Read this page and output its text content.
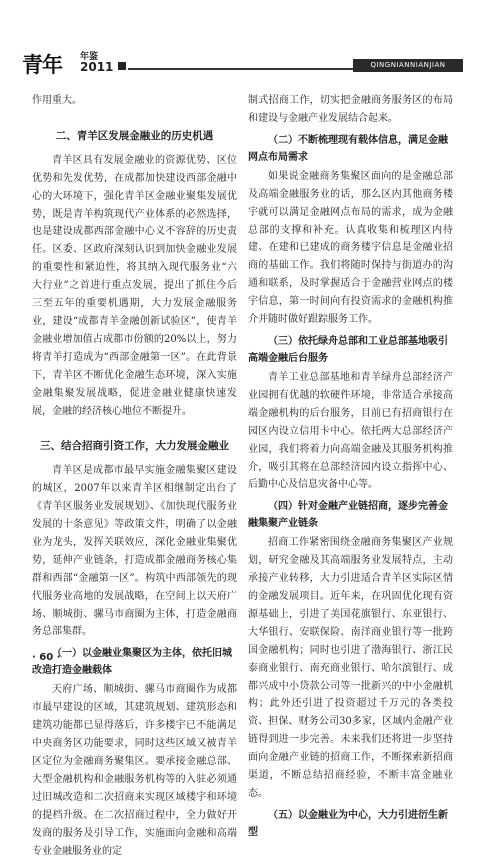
青年 年鉴
2011	QINGNIANNIANJIAN

作用重大。

二、青羊区发展金融业的历史机遇

青羊区具有发展金融业的资源优势、区位优势和先发优势，在成都加快建设西部金融中心的大环境下，强化青羊区金融业聚集发展优势，既是青羊构筑现代产业体系的必然选择，也是建设成都西部金融中心义不容辞的历史责任。区委、区政府深刻认识到加快金融业发展的重要性和紧迫性，将其纳入现代服务业“六大行业”之首进行重点发展，提出了抓住今后三至五年的重要机遇期，大力发展金融服务业，建设“成都青羊金融创新试验区”，使青羊金融业增加值占成都市份额的20%以上，努力将青羊打造成为“西部金融第一区”。在此背景下，青羊区不断优化金融生态环境，深入实施金融集聚发展战略，促进金融业健康快速发展，金融的经济核心地位不断提升。

三、结合招商引资工作，大力发展金融业

青羊区是成都市最早实施金融集聚区建设的城区，2007年以来青羊区相继制定出台了《青羊区服务业发展规划》、《加快现代服务业发展的十条意见》等政策文件，明确了以金融业为龙头，发挥关联效应，深化金融业集聚优势，延伸产业链条，打造成都金融商务核心集群和西部“金融第一区”。构筑中西部领先的现代服务业高地的发展战略，在空间上以天府广场、顺城街、骡马市商圈为主体，打造金融商务总部集群。

（一）以金融业集聚区为主体，依托旧城改造打造金融载体

天府广场、顺城街、骡马市商圈作为成都市最早建设的区域，其建筑规划、建筑形态和建筑功能都已显得落后，许多楼宇已不能满足中央商务区功能要求，同时这些区域又被青羊区定位为金融商务聚集区。要承接金融总部、大型金融机构和金融服务机构等的入驻必须通过旧城改造和二次招商来实现区域楼宇和环境的提档升级。在二次招商过程中，全力做好开发商的服务及引导工作，实施面向金融和高端专业金融服务业的定

制式招商工作，切实把金融商务服务区的布局和建设与金融产业发展结合起来。

（二）不断梳理现有载体信息，满足金融网点布局需求

如果说金融商务集聚区面向的是金融总部及高端金融服务业的话，那么区内其他商务楼宇就可以满足金融网点布局的需求，成为金融总部的支撑和补充。认真收集和梳理区内待建、在建和已建成的商务楼宇信息是金融业招商的基础工作。我们将随时保持与街道办的沟通和联系，及时掌握适合于金融营业网点的楼宇信息，第一时间向有投资需求的金融机构推介并随时做好跟踪服务工作。

（三）依托绿舟总部和工业总部基地吸引高端金融后台服务

青羊工业总部基地和青羊绿舟总部经济产业园拥有优越的软硬件环境，非常适合承接高端金融机构的后台服务，目前已有招商银行在园区内设立信用卡中心。依托两大总部经济产业园，我们将着力向高端金融及其服务机构推介，吸引其将在总部经济园内设立指挥中心、后勤中心及信息灾备中心等。

（四）针对金融产业链招商，逐步完善金融集聚产业链条

招商工作紧密围绕金融商务集聚区产业规划，研究金融及其高端服务业发展特点，主动承接产业转移，大力引进适合青羊区实际区情的金融发展项目。近年来，在巩固优化现有资源基础上，引进了美国花旗银行、东亚银行、大华银行、安联保险、南洋商业银行等一批跨国金融机构；同时也引进了渤海银行、浙江民泰商业银行、南充商业银行、哈尔滨银行、成都兴成中小贷款公司等一批新兴的中小金融机构；此外还引进了投资超过千万元的各类投资、担保、财务公司30多家，区域内金融产业链得到进一步完善。未来我们还将进一步坚持面向金融产业链的招商工作，不断探索新招商渠道，不断总结招商经验，不断丰富金融业态。

（五）以金融业为中心，大力引进衍生新型
· 60 ·
